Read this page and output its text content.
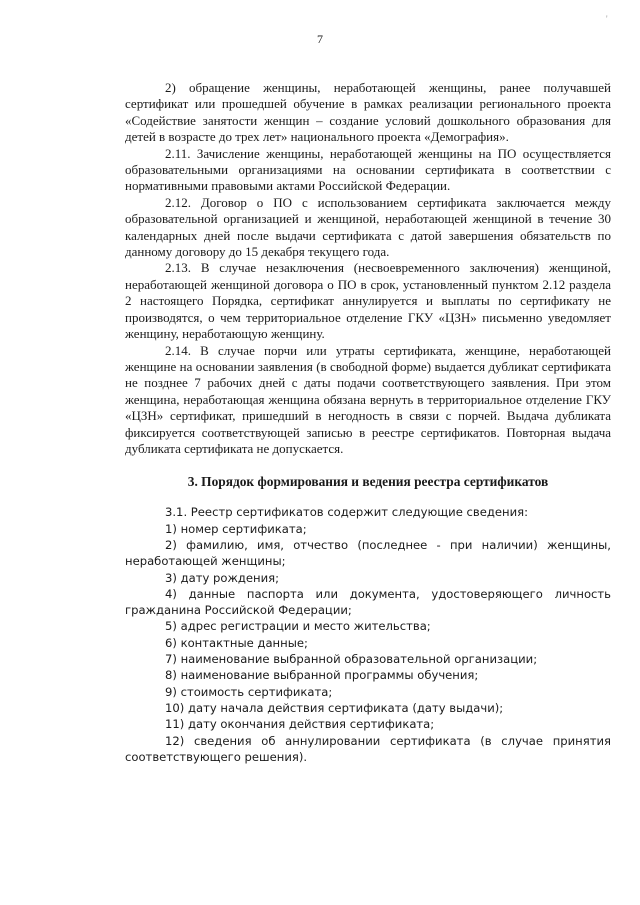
7
'

2) обращение женщины, неработающей женщины, ранее получавшей сертификат или прошедшей обучение в рамках реализации регионального проекта «Содействие занятости женщин – создание условий дошкольного образования для детей в возрасте до трех лет» национального проекта «Демография».

2.11. Зачисление женщины, неработающей женщины на ПО осуществляется образовательными организациями на основании сертификата в соответствии с нормативными правовыми актами Российской Федерации.

2.12. Договор о ПО с использованием сертификата заключается между образовательной организацией и женщиной, неработающей женщиной в течение 30 календарных дней после выдачи сертификата с датой завершения обязательств по данному договору до 15 декабря текущего года.

2.13. В случае незаключения (несвоевременного заключения) женщиной, неработающей женщиной договора о ПО в срок, установленный пунктом 2.12 раздела 2 настоящего Порядка, сертификат аннулируется и выплаты по сертификату не производятся, о чем территориальное отделение ГКУ «ЦЗН» письменно уведомляет женщину, неработающую женщину.

2.14. В случае порчи или утраты сертификата, женщине, неработающей женщине на основании заявления (в свободной форме) выдается дубликат сертификата не позднее 7 рабочих дней с даты подачи соответствующего заявления. При этом женщина, неработающая женщина обязана вернуть в территориальное отделение ГКУ «ЦЗН» сертификат, пришедший в негодность в связи с порчей. Выдача дубликата фиксируется соответствующей записью в реестре сертификатов. Повторная выдача дубликата сертификата не допускается.

3. Порядок формирования и ведения реестра сертификатов

3.1. Реестр сертификатов содержит следующие сведения:

1) номер сертификата;

2) фамилию, имя, отчество (последнее - при наличии) женщины, неработающей женщины;

3) дату рождения;

4) данные паспорта или документа, удостоверяющего личность гражданина Российской Федерации;

5) адрес регистрации и место жительства;

6) контактные данные;

7) наименование выбранной образовательной организации;

8) наименование выбранной программы обучения;

9) стоимость сертификата;

10) дату начала действия сертификата (дату выдачи);

11) дату окончания действия сертификата;

12) сведения об аннулировании сертификата (в случае принятия соответствующего решения).
